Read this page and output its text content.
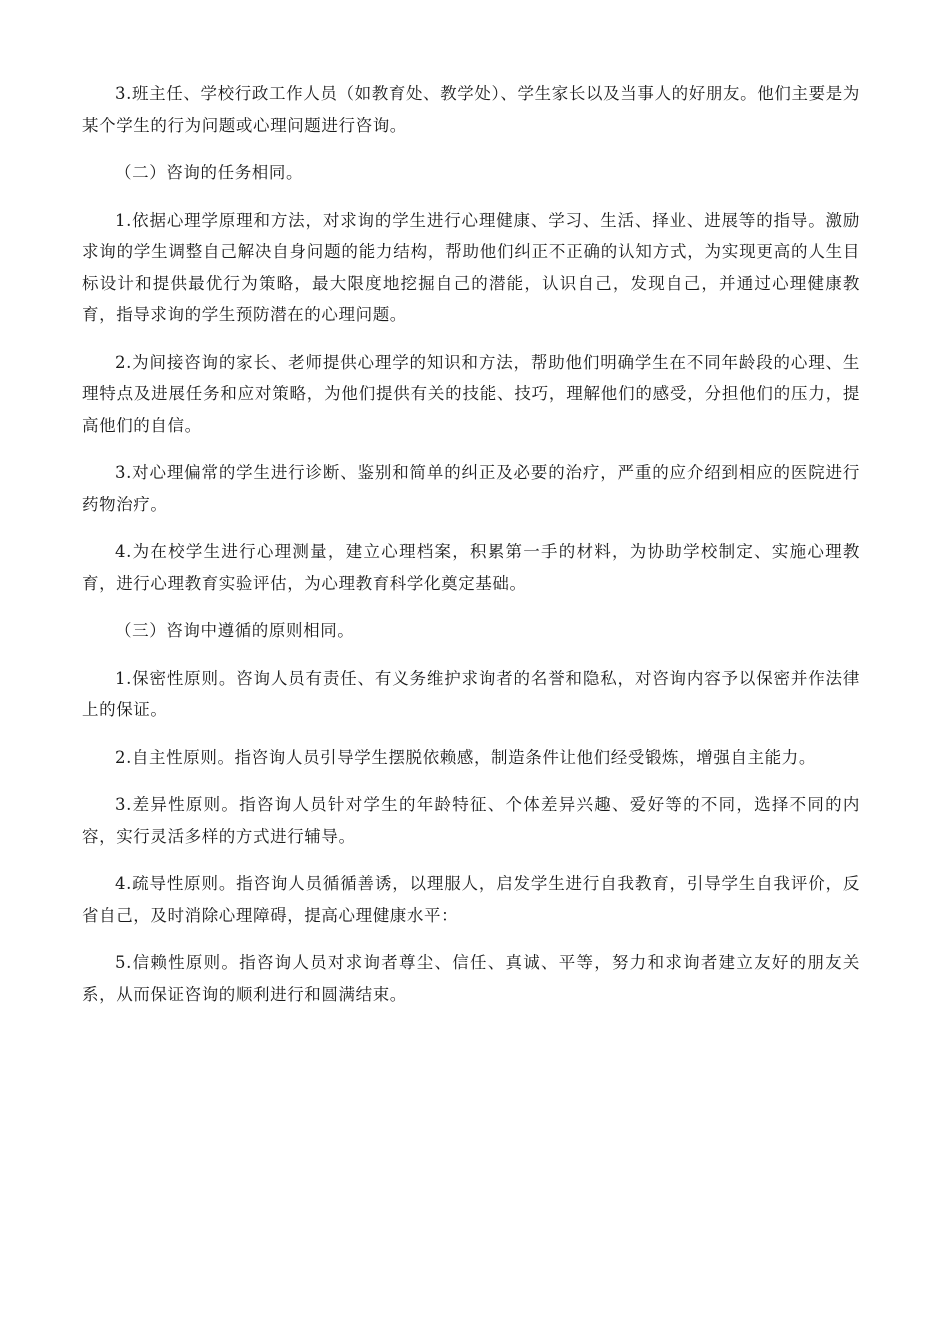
3.班主任、学校行政工作人员（如教育处、教学处）、学生家长以及当事人的好朋友。他们主要是为某个学生的行为问题或心理问题进行咨询。

（二）咨询的任务相同。

1.依据心理学原理和方法，对求询的学生进行心理健康、学习、生活、择业、进展等的指导。激励求询的学生调整自己解决自身问题的能力结构，帮助他们纠正不正确的认知方式，为实现更高的人生目标设计和提供最优行为策略，最大限度地挖掘自己的潜能，认识自己，发现自己，并通过心理健康教育，指导求询的学生预防潜在的心理问题。

2.为间接咨询的家长、老师提供心理学的知识和方法，帮助他们明确学生在不同年龄段的心理、生理特点及进展任务和应对策略，为他们提供有关的技能、技巧，理解他们的感受，分担他们的压力，提高他们的自信。

3.对心理偏常的学生进行诊断、鉴别和简单的纠正及必要的治疗，严重的应介绍到相应的医院进行药物治疗。

4.为在校学生进行心理测量，建立心理档案，积累第一手的材料，为协助学校制定、实施心理教育，进行心理教育实验评估，为心理教育科学化奠定基础。

（三）咨询中遵循的原则相同。

1.保密性原则。咨询人员有责任、有义务维护求询者的名誉和隐私，对咨询内容予以保密并作法律上的保证。

2.自主性原则。指咨询人员引导学生摆脱依赖感，制造条件让他们经受锻炼，增强自主能力。

3.差异性原则。指咨询人员针对学生的年龄特征、个体差异兴趣、爱好等的不同，选择不同的内容，实行灵活多样的方式进行辅导。

4.疏导性原则。指咨询人员循循善诱，以理服人，启发学生进行自我教育，引导学生自我评价，反省自己，及时消除心理障碍，提高心理健康水平：

5.信赖性原则。指咨询人员对求询者尊尘、信任、真诚、平等，努力和求询者建立友好的朋友关系，从而保证咨询的顺利进行和圆满结束。
